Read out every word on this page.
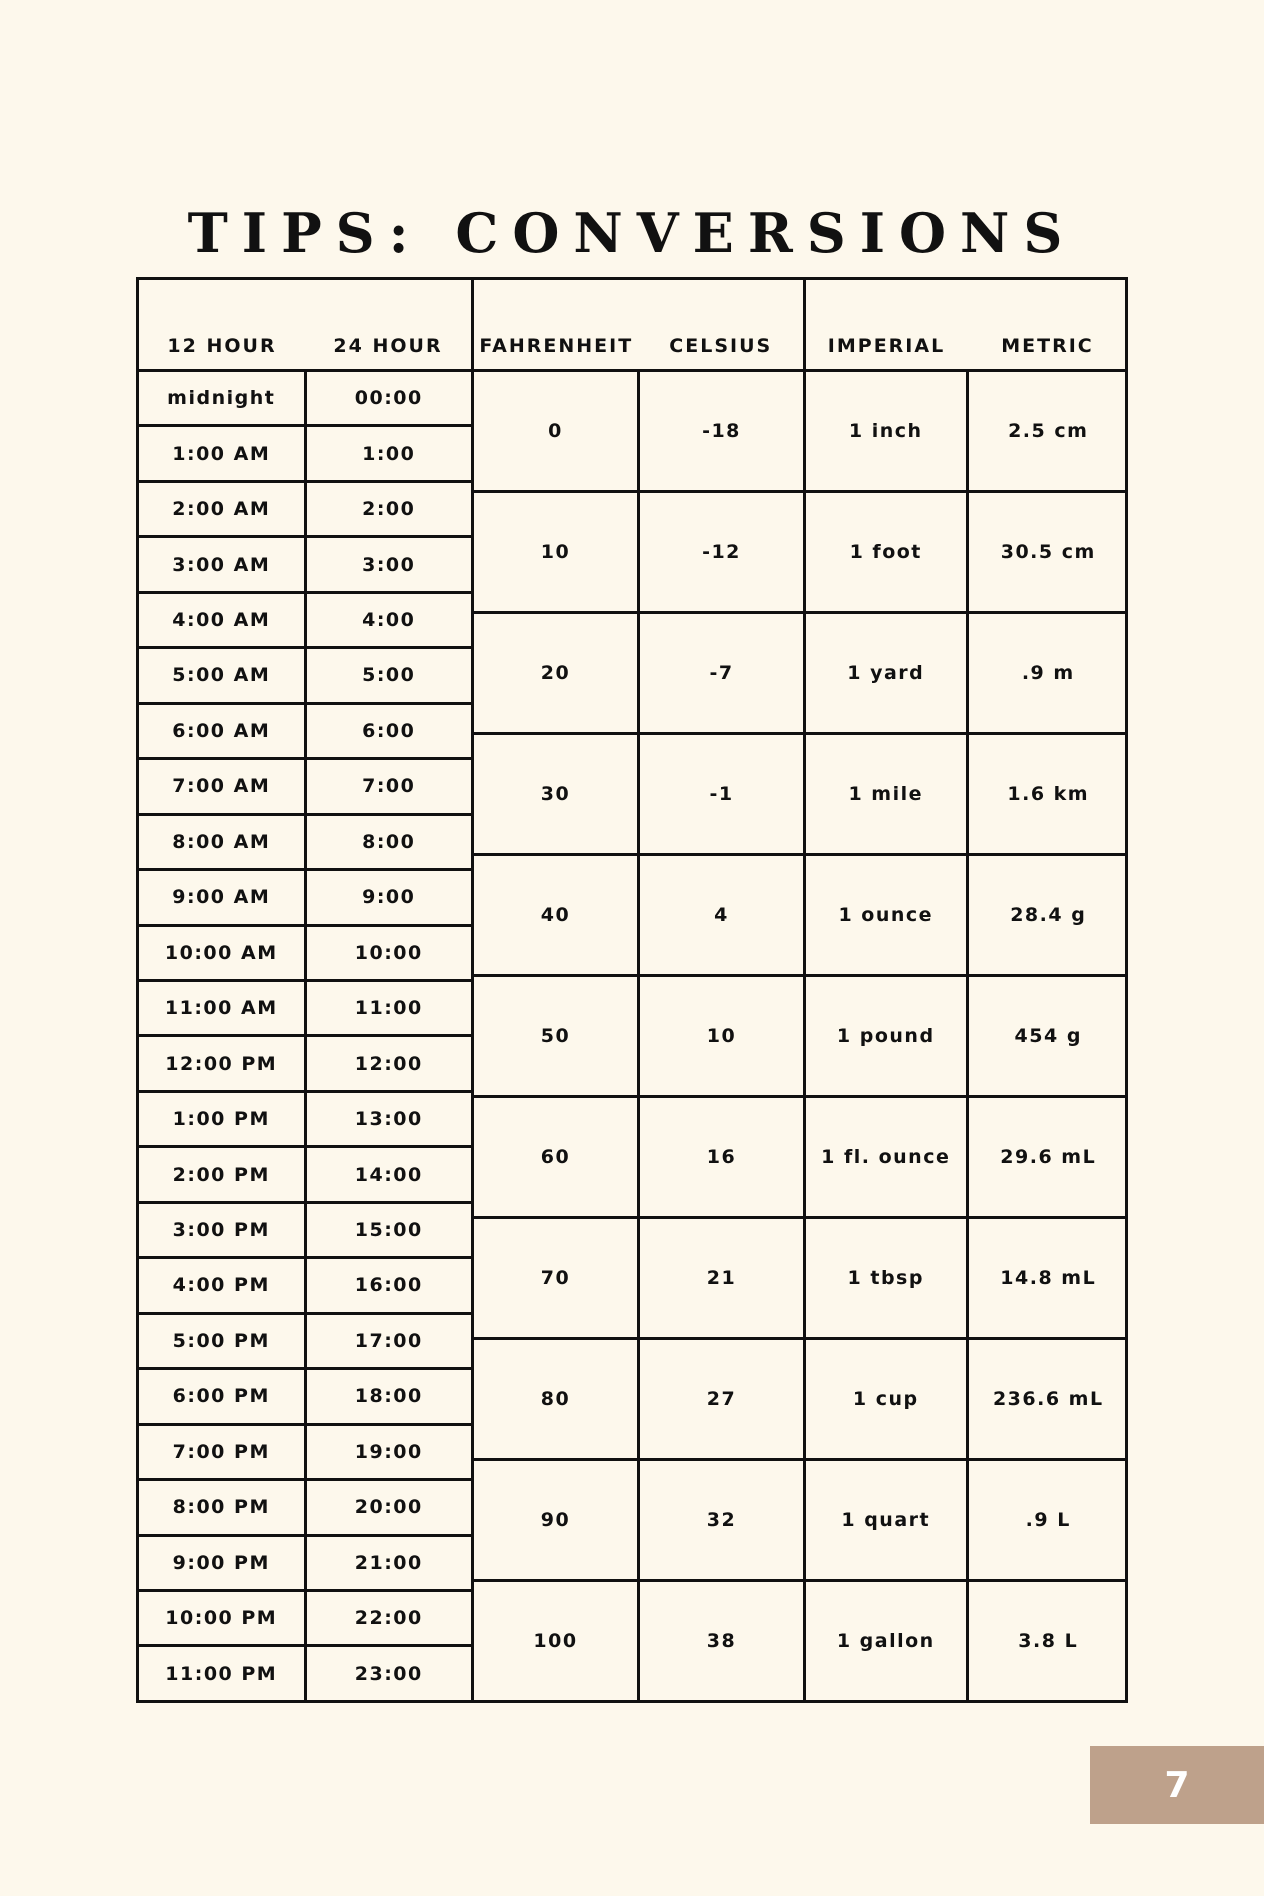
TIPS: CONVERSIONS
12 HOUR	24 HOUR
midnight	00:00
1:00 AM	1:00
2:00 AM	2:00
3:00 AM	3:00
4:00 AM	4:00
5:00 AM	5:00
6:00 AM	6:00
7:00 AM	7:00
8:00 AM	8:00
9:00 AM	9:00
10:00 AM	10:00
11:00 AM	11:00
12:00 PM	12:00
1:00 PM	13:00
2:00 PM	14:00
3:00 PM	15:00
4:00 PM	16:00
5:00 PM	17:00
6:00 PM	18:00
7:00 PM	19:00
8:00 PM	20:00
9:00 PM	21:00
10:00 PM	22:00
11:00 PM	23:00
FAHRENHEIT	CELSIUS
0	-18
10	-12
20	-7
30	-1
40	4
50	10
60	16
70	21
80	27
90	32
100	38
IMPERIAL	METRIC
1 inch	2.5 cm
1 foot	30.5 cm
1 yard	.9 m
1 mile	1.6 km
1 ounce	28.4 g
1 pound	454 g
1 fl. ounce	29.6 mL
1 tbsp	14.8 mL
1 cup	236.6 mL
1 quart	.9 L
1 gallon	3.8 L
7
